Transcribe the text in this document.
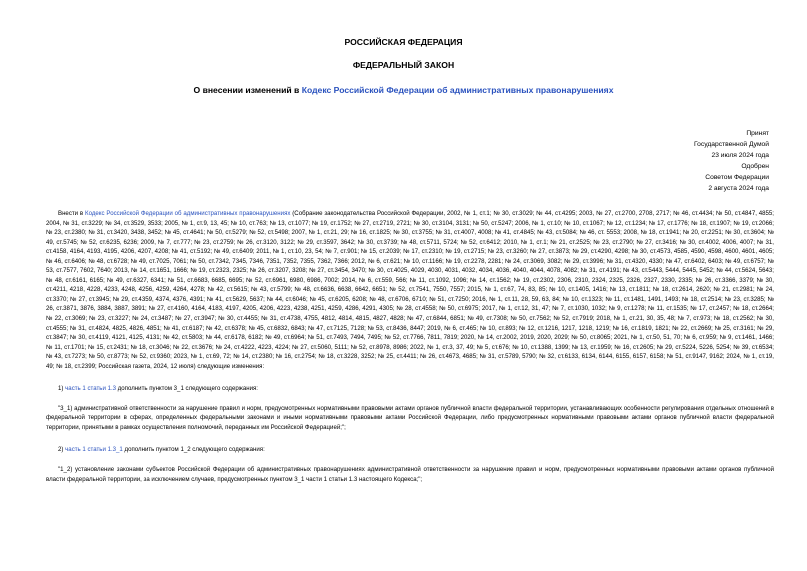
РОССИЙСКАЯ ФЕДЕРАЦИЯ
ФЕДЕРАЛЬНЫЙ ЗАКОН
О внесении изменений в Кодекс Российской Федерации об административных правонарушениях
Принят
Государственной Думой
23 июля 2024 года
Одобрен
Советом Федерации
2 августа 2024 года

Внести в Кодекс Российской Федерации об административных правонарушениях (Собрание законодательства Российской Федерации, 2002, № 1, ст.1; № 30, ст.3029; № 44, ст.4295; 2003, № 27, ст.2700, 2708, 2717; № 46, ст.4434; № 50, ст.4847, 4855; 2004, № 31, ст.3229; № 34, ст.3529, 3533; 2005, № 1, ст.9, 13, 45; № 10, ст.763; № 13, ст.1077; № 19, ст.1752; № 27, ст.2719, 2721; № 30, ст.3104, 3131; № 50, ст.5247; 2006, № 1, ст.10; № 10, ст.1067; № 12, ст.1234; № 17, ст.1776; № 18, ст.1907; № 19, ст.2066; № 23, ст.2380; № 31, ст.3420, 3438, 3452; № 45, ст.4641; № 50, ст.5279; № 52, ст.5498; 2007, № 1, ст.21, 29; № 16, ст.1825; № 30, ст.3755; № 31, ст.4007, 4008; № 41, ст.4845; № 43, ст.5084; № 46, ст. 5553; 2008, № 18, ст.1941; № 20, ст.2251; № 30, ст.3604; № 49, ст.5745; № 52, ст.6235, 6236; 2009, № 7, ст.777; № 23, ст.2759; № 26, ст.3120, 3122; № 29, ст.3597, 3642; № 30, ст.3739; № 48, ст.5711, 5724; № 52, ст.6412; 2010, № 1, ст.1; № 21, ст.2525; № 23, ст.2790; № 27, ст.3416; № 30, ст.4002, 4006, 4007; № 31, ст.4158, 4164, 4193, 4195, 4206, 4207, 4208; № 41, ст.5192; № 49, ст.6409; 2011, № 1, ст.10, 23, 54; № 7, ст.901; № 15, ст.2039; № 17, ст.2310; № 19, ст.2715; № 23, ст.3260; № 27, ст.3873; № 29, ст.4290, 4298; № 30, ст.4573, 4585, 4590, 4598, 4600, 4601, 4605; № 46, ст.6406; № 48, ст.6728; № 49, ст.7025, 7061; № 50, ст.7342, 7345, 7346, 7351, 7352, 7355, 7362, 7366; 2012, № 6, ст.621; № 10, ст.1166; № 19, ст.2278, 2281; № 24, ст.3069, 3082; № 29, ст.3996; № 31, ст.4320, 4330; № 47, ст.6402, 6403; № 49, ст.6757; № 53, ст.7577, 7602, 7640; 2013, № 14, ст.1651, 1666; № 19, ст.2323, 2325; № 26, ст.3207, 3208; № 27, ст.3454, 3470; № 30, ст.4025, 4029, 4030, 4031, 4032, 4034, 4036, 4040, 4044, 4078, 4082; № 31, ст.4191; № 43, ст.5443, 5444, 5445, 5452; № 44, ст.5624, 5643; № 48, ст.6161, 6165; № 49, ст.6327, 6341; № 51, ст.6683, 6685, 6695; № 52, ст.6961, 6980, 6986, 7002; 2014, № 6, ст.559, 566; № 11, ст.1092, 1096; № 14, ст.1562; № 19, ст.2302, 2306, 2310, 2324, 2325, 2326, 2327, 2330, 2335; № 26, ст.3366, 3379; № 30, ст.4211, 4218, 4228, 4233, 4248, 4256, 4259, 4264, 4278; № 42, ст.5615; № 43, ст.5799; № 48, ст.6636, 6638, 6642, 6651; № 52, ст.7541, 7550, 7557; 2015, № 1, ст.67, 74, 83, 85; № 10, ст.1405, 1416; № 13, ст.1811; № 18, ст.2614, 2620; № 21, ст.2981; № 24, ст.3370; № 27, ст.3945; № 29, ст.4359, 4374, 4376, 4391; № 41, ст.5629, 5637; № 44, ст.6046; № 45, ст.6205, 6208; № 48, ст.6706, 6710; № 51, ст.7250; 2016, № 1, ст.11, 28, 59, 63, 84; № 10, ст.1323; № 11, ст.1481, 1491, 1493; № 18, ст.2514; № 23, ст.3285; № 26, ст.3871, 3876, 3884, 3887, 3891; № 27, ст.4160, 4164, 4183, 4197, 4205, 4206, 4223, 4238, 4251, 4259, 4286, 4291, 4305; № 28, ст.4558; № 50, ст.6975; 2017, № 1, ст.12, 31, 47; № 7, ст.1030, 1032; № 9, ст.1278; № 11, ст.1535; № 17, ст.2457; № 18, ст.2664; № 22, ст.3069; № 23, ст.3227; № 24, ст.3487; № 27, ст.3947; № 30, ст.4455; № 31, ст.4738, 4755, 4812, 4814, 4815, 4827, 4828; № 47, ст.6844, 6851; № 49, ст.7308; № 50, ст.7562; № 52, ст.7919; 2018, № 1, ст.21, 30, 35, 48; № 7, ст.973; № 18, ст.2562; № 30, ст.4555; № 31, ст.4824, 4825, 4826, 4851; № 41, ст.6187; № 42, ст.6378; № 45, ст.6832, 6843; № 47, ст.7125, 7128; № 53, ст.8436, 8447; 2019, № 6, ст.465; № 10, ст.893; № 12, ст.1216, 1217, 1218, 1219; № 16, ст.1819, 1821; № 22, ст.2669; № 25, ст.3161; № 29, ст.3847; № 30, ст.4119, 4121, 4125, 4131; № 42, ст.5803; № 44, ст.6178, 6182; № 49, ст.6964; № 51, ст.7493, 7494, 7495; № 52, ст.7766, 7811, 7819; 2020, № 14, ст.2002, 2019, 2020, 2029; № 50, ст.8065; 2021, № 1, ст.50, 51, 70; № 6, ст.959; № 9, ст.1461, 1466; № 11, ст.1701; № 15, ст.2431; № 18, ст.3046; № 22, ст.3676; № 24, ст.4222, 4223, 4224; № 27, ст.5060, 5111; № 52, ст.8978, 8986; 2022, № 1, ст.3, 37, 49; № 5, ст.676; № 10, ст.1388, 1399; № 13, ст.1959; № 16, ст.2605; № 29, ст.5224, 5226, 5254; № 39, ст.6534; № 43, ст.7273; № 50, ст.8773; № 52, ст.9360; 2023, № 1, ст.69, 72; № 14, ст.2380; № 16, ст.2754; № 18, ст.3228, 3252; № 25, ст.4411; № 26, ст.4673, 4685; № 31, ст.5789, 5790; № 32, ст.6133, 6134, 6144, 6155, 6157, 6158; № 51, ст.9147, 9162; 2024, № 1, ст.19, 49; № 18, ст.2399; Российская газета, 2024, 12 июля) следующие изменения:

1) часть 1 статьи 1.3 дополнить пунктом 3_1 следующего содержания:

"3_1) административной ответственности за нарушение правил и норм, предусмотренных нормативными правовыми актами органов публичной власти федеральной территории, устанавливающих особенности регулирования отдельных отношений в федеральной территории в сферах, определенных федеральными законами и иными нормативными правовыми актами Российской Федерации, либо предусмотренных нормативными правовыми актами органов публичной власти федеральной территории, принятыми в рамках осуществления полномочий, переданных им Российской Федерацией;";

2) часть 1 статьи 1.3_1 дополнить пунктом 1_2 следующего содержания:

"1_2) установление законами субъектов Российской Федерации об административных правонарушениях административной ответственности за нарушение правил и норм, предусмотренных нормативными правовыми актами органов публичной власти федеральной территории, за исключением случаев, предусмотренных пунктом 3_1 части 1 статьи 1.3 настоящего Кодекса;";
